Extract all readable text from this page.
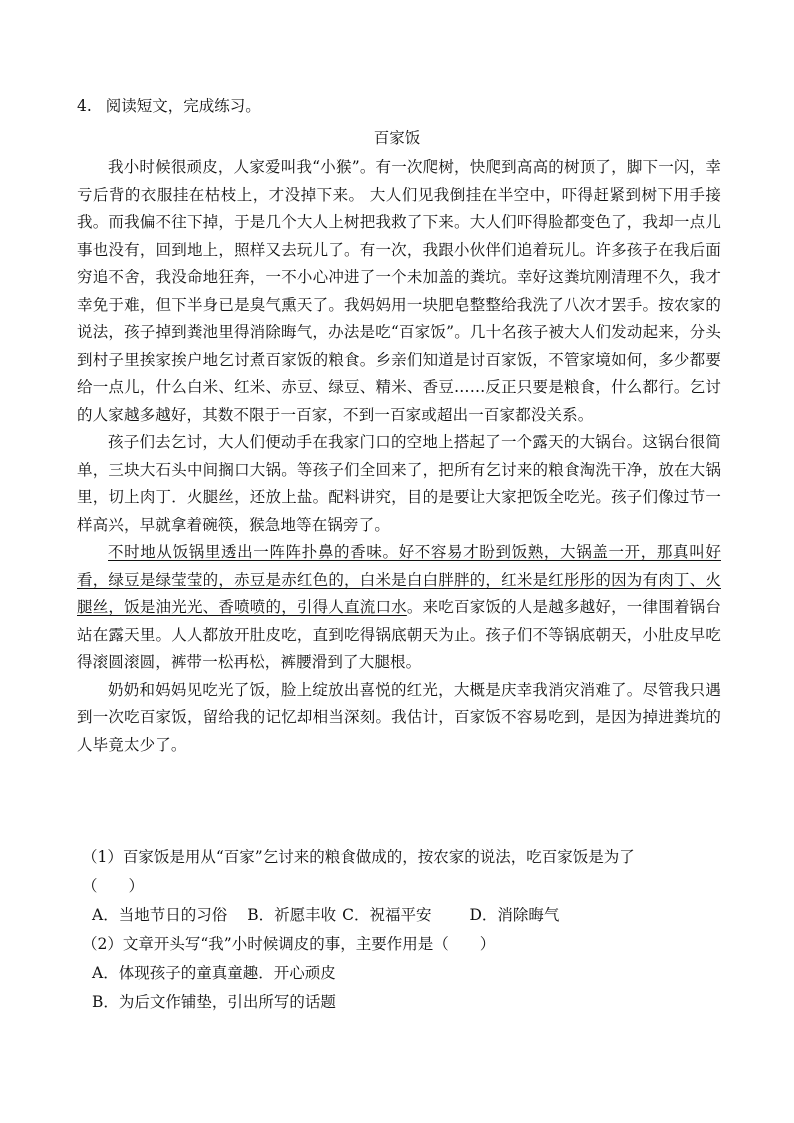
4. 阅读短文，完成练习。
百家饭

我小时候很顽皮，人家爱叫我“小猴”。有一次爬树，快爬到高高的树顶了，脚下一闪，幸亏后背的衣服挂在枯枝上，才没掉下来。 大人们见我倒挂在半空中，吓得赶紧到树下用手接我。而我偏不往下掉，于是几个大人上树把我救了下来。大人们吓得脸都变色了，我却一点儿事也没有，回到地上，照样又去玩儿了。有一次，我跟小伙伴们追着玩儿。许多孩子在我后面穷追不舍，我没命地狂奔，一不小心冲进了一个未加盖的粪坑。幸好这粪坑刚清理不久，我才幸免于难，但下半身已是臭气熏天了。我妈妈用一块肥皂整整给我洗了八次才罢手。按农家的说法，孩子掉到粪池里得消除晦气，办法是吃“百家饭”。几十名孩子被大人们发动起来，分头到村子里挨家挨户地乞讨煮百家饭的粮食。乡亲们知道是讨百家饭，不管家境如何，多少都要给一点儿，什么白米、红米、赤豆、绿豆、精米、香豆……反正只要是粮食，什么都行。乞讨的人家越多越好，其数不限于一百家，不到一百家或超出一百家都没关系。

孩子们去乞讨，大人们便动手在我家门口的空地上搭起了一个露天的大锅台。这锅台很简单，三块大石头中间搁口大锅。等孩子们全回来了，把所有乞讨来的粮食淘洗干净，放在大锅里，切上肉丁．火腿丝，还放上盐。配料讲究，目的是要让大家把饭全吃光。孩子们像过节一样高兴，早就拿着碗筷，猴急地等在锅旁了。

不时地从饭锅里透出一阵阵扑鼻的香味。好不容易才盼到饭熟，大锅盖一开，那真叫好看，绿豆是绿莹莹的，赤豆是赤红色的，白米是白白胖胖的，红米是红彤彤的因为有肉丁、火腿丝，饭是油光光、香喷喷的，引得人直流口水。来吃百家饭的人是越多越好，一律围着锅台站在露天里。人人都放开肚皮吃，直到吃得锅底朝天为止。孩子们不等锅底朝天，小肚皮早吃得滚圆滚圆，裤带一松再松，裤腰滑到了大腿根。

奶奶和妈妈见吃光了饭，脸上绽放出喜悦的红光，大概是庆幸我消灾消难了。尽管我只遇到一次吃百家饭，留给我的记忆却相当深刻。我估计，百家饭不容易吃到，是因为掉进粪坑的人毕竟太少了。

（1）百家饭是用从“百家”乞讨来的粮食做成的，按农家的说法，吃百家饭是为了
（　　）
A．当地节日的习俗 B．祈愿丰收 C．祝福平安 D．消除晦气
（2）文章开头写“我”小时候调皮的事，主要作用是（　　）
A．体现孩子的童真童趣．开心顽皮
B．为后文作铺垫，引出所写的话题
